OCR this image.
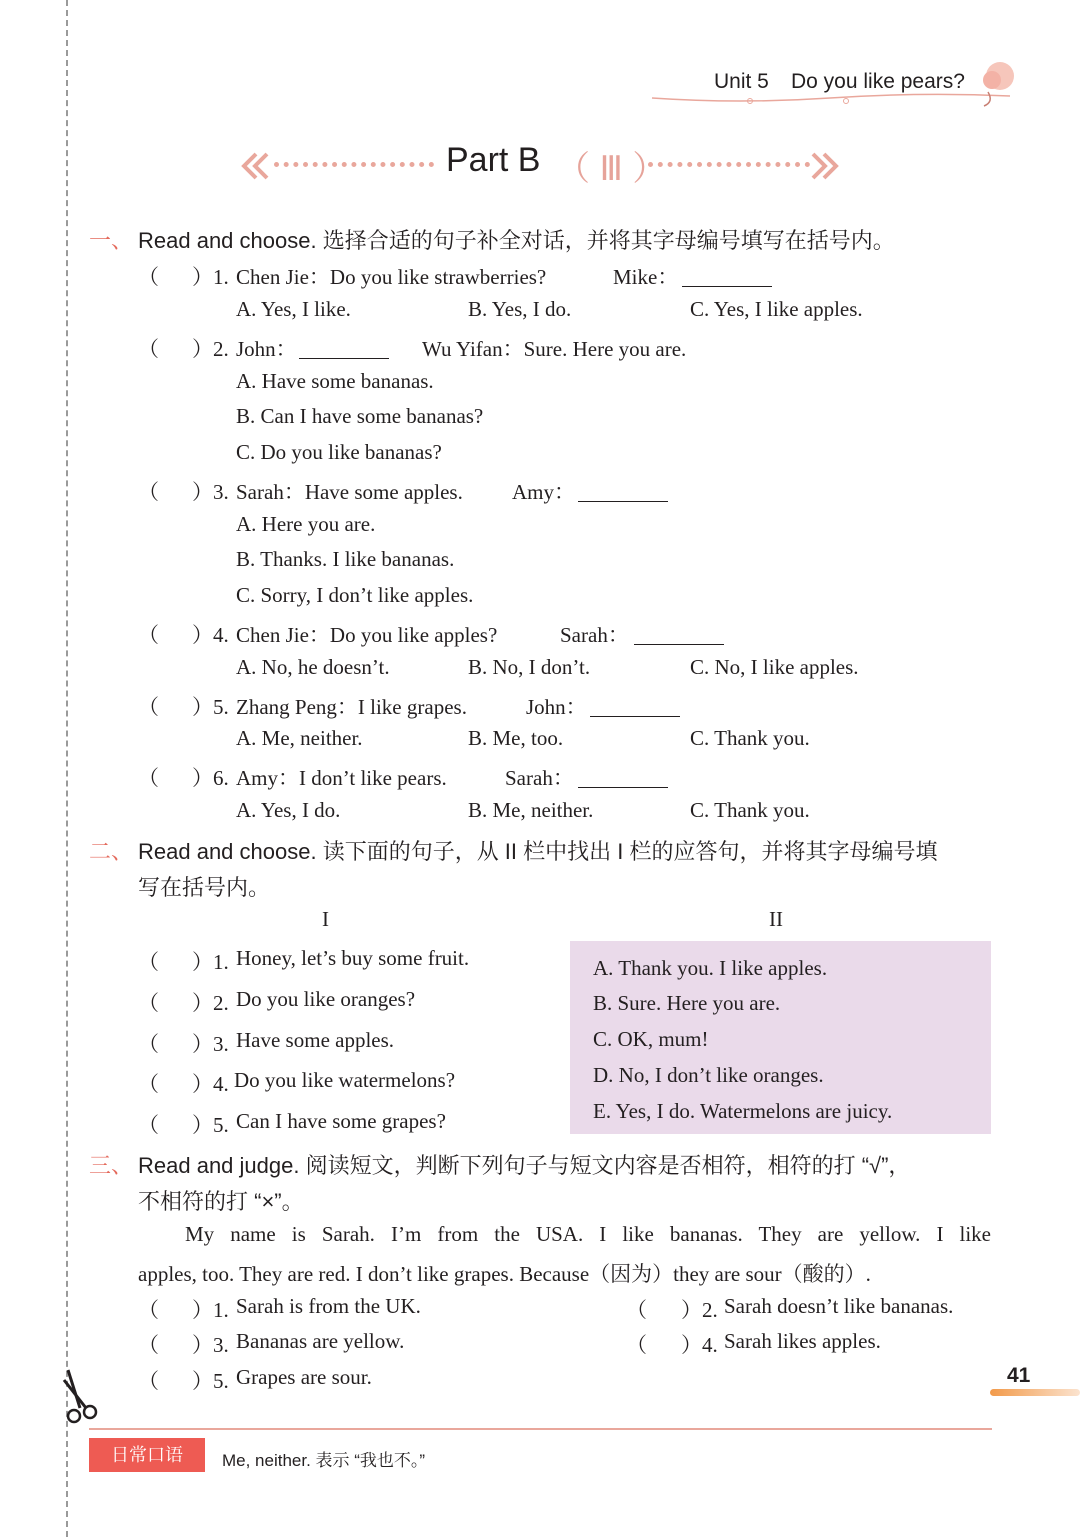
Unit 5 Do you like pears?
Part B （ Ⅲ ）
一、 Read and choose. 选择合适的句子补全对话，并将其字母编号填写在括号内。
（ ）1. Chen Jie：Do you like strawberries?	Mike：
A. Yes, I like.	B. Yes, I do.	C. Yes, I like apples.
（ ）2. John：	Wu Yifan：Sure. Here you are.
A. Have some bananas.
B. Can I have some bananas?
C. Do you like bananas?
（ ）3. Sarah：Have some apples. Amy：
A. Here you are.
B. Thanks. I like bananas.
C. Sorry, I don’t like apples.
（ ）4. Chen Jie：Do you like apples?	Sarah：
A. No, he doesn’t.	B. No, I don’t.	C. No, I like apples.
（ ）5. Zhang Peng：I like grapes.	John：
A. Me, neither.	B. Me, too.	C. Thank you.
（ ）6. Amy：I don’t like pears.	Sarah：
A. Yes, I do.	B. Me, neither.	C. Thank you.
二、 Read and choose. 读下面的句子，从 II 栏中找出 I 栏的应答句，并将其字母编号填
写在括号内。
I	II
（ ）1. Honey, let’s buy some fruit.
（ ）2. Do you like oranges?
（ ）3. Have some apples.
（ ）4. Do you like watermelons?
（ ）5. Can I have some grapes?
A. Thank you. I like apples.
B. Sure. Here you are.
C. OK, mum!
D. No, I don’t like oranges.
E. Yes, I do. Watermelons are juicy.
三、 Read and judge. 阅读短文，判断下列句子与短文内容是否相符，相符的打 “√”，
不相符的打 “×”。
My name is Sarah. I’m from the USA. I like bananas. They are yellow. I like
apples, too. They are red. I don’t like grapes. Because（因为）they are sour（酸的）.
（ ）1. Sarah is from the UK.	（ ）2. Sarah doesn’t like bananas.
（ ）3. Bananas are yellow.	（ ）4. Sarah likes apples.
（ ）5. Grapes are sour.	41
日常口语	Me, neither. 表示 “我也不。”
